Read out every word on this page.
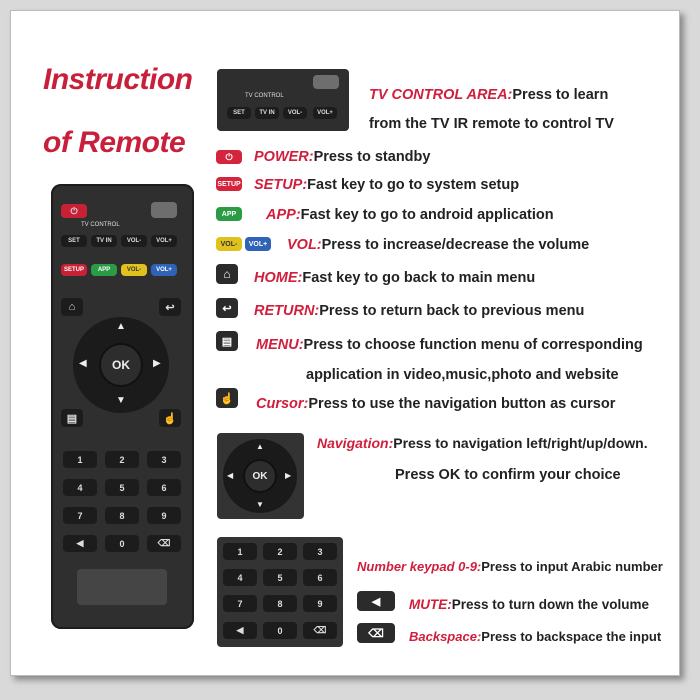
Instruction
of Remote
⏻
TV CONTROL
SET	TV IN	VOL-	VOL+
SETUP	APP	VOL-	VOL+
⌂	↩
OK
▲
▼
◀	▶
▤	☝
1	2	3
4	5	6
7	8	9
◀	0	⌫
TV CONTROL
SET	TV IN	VOL-	VOL+
TV CONTROL AREA:Press to learn
from the TV IR remote to control TV
⏻	POWER:Press to standby
SETUP SETUP:Fast key to go to system setup
APP	APP:Fast key to go to android application
VOL-	VOL+ VOL:Press to increase/decrease the volume
⌂	HOME:Fast key to go back to main menu
↩	RETURN:Press to return back to previous menu
▤	MENU:Press to choose function menu of corresponding
application in video,music,photo and website
☝ Cursor:Press to use the navigation button as cursor
OK
▲
▼
◀	▶
Navigation:Press to navigation left/right/up/down.
Press OK to confirm your choice
1	2	3
4	5	6
7	8	9
◀	0	⌫
Number keypad 0-9:Press to input Arabic number
◀	MUTE:Press to turn down the volume
⌫	Backspace:Press to backspace the input
